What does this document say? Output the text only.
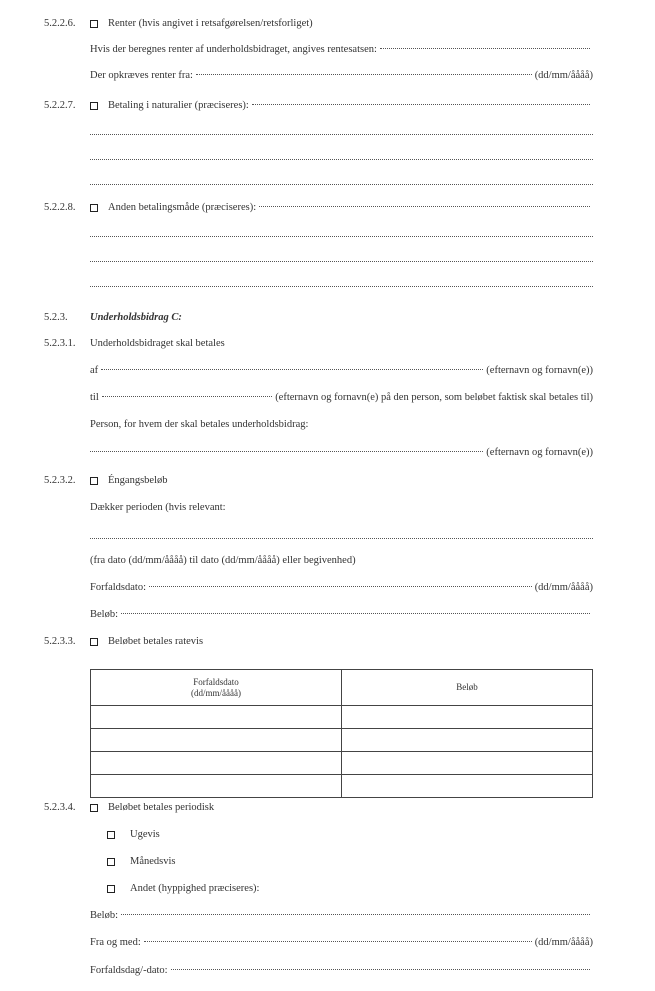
5.2.2.6.	Renter (hvis angivet i retsafgørelsen/retsforliget)
Hvis der beregnes renter af underholdsbidraget, angives rentesatsen:
Der opkræves renter fra:	(dd/mm/åååå)
5.2.2.7.	Betaling i naturalier (præciseres):
5.2.2.8.	Anden betalingsmåde (præciseres):
5.2.3. Underholdsbidrag C:
5.2.3.1. Underholdsbidraget skal betales
af	(efternavn og fornavn(e))
til	(efternavn og fornavn(e) på den person, som beløbet faktisk skal betales til)
Person, for hvem der skal betales underholdsbidrag:
(efternavn og fornavn(e))
5.2.3.2.	Éngangsbeløb
Dækker perioden (hvis relevant:
(fra dato (dd/mm/åååå) til dato (dd/mm/åååå) eller begivenhed)
Forfaldsdato:	(dd/mm/åååå)
Beløb:
5.2.3.3.	Beløbet betales ratevis
Forfaldsdato
(dd/mm/åååå)	Beløb

5.2.3.4.	Beløbet betales periodisk
Ugevis
Månedsvis
Andet (hyppighed præciseres):
Beløb:
Fra og med:	(dd/mm/åååå)
Forfaldsdag/-dato:
